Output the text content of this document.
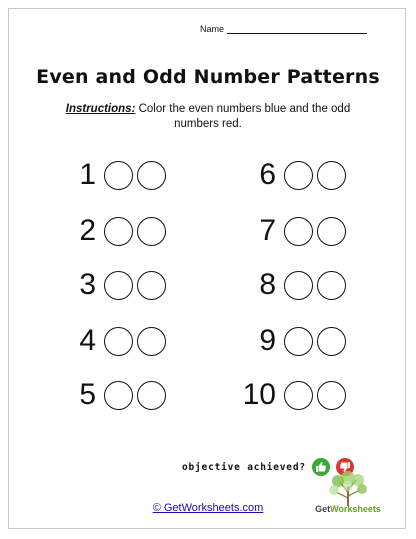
Name
Even and Odd Number Patterns
Instructions: Color the even numbers blue and the odd numbers red.
1
2
3
4
5
6
7
8
9
10
objective achieved?
© GetWorksheets.com	GetWorksheets
